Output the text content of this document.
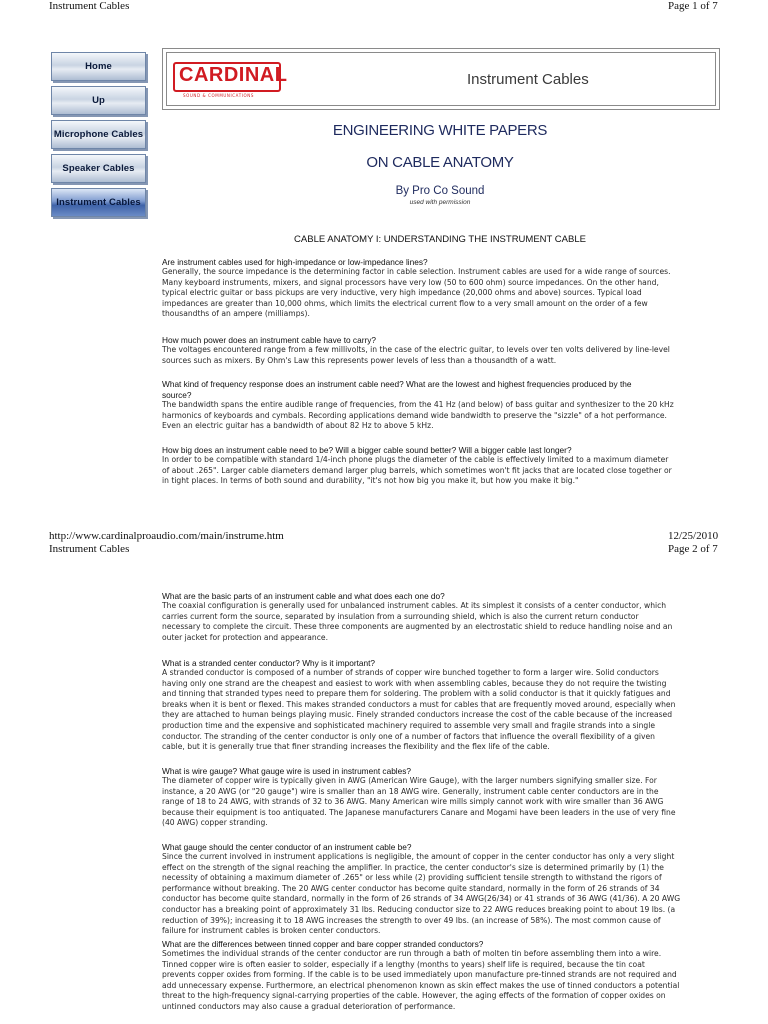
Instrument Cables	Page 1 of 7
Home
Up
Microphone Cables
Speaker Cables
Instrument Cables
CARDINAL
SOUND & COMMUNICATIONS
Instrument Cables
ENGINEERING WHITE PAPERS
ON CABLE ANATOMY
By Pro Co Sound
used with permission
CABLE ANATOMY I: UNDERSTANDING THE INSTRUMENT CABLE
Are instrument cables used for high-impedance or low-impedance lines?
Generally, the source impedance is the determining factor in cable selection. Instrument cables are used for a wide range of sources.
Many keyboard instruments, mixers, and signal processors have very low (50 to 600 ohm) source impedances. On the other hand,
typical electric guitar or bass pickups are very inductive, very high impedance (20,000 ohms and above) sources. Typical load
impedances are greater than 10,000 ohms, which limits the electrical current flow to a very small amount on the order of a few
thousandths of an ampere (milliamps).
How much power does an instrument cable have to carry?
The voltages encountered range from a few millivolts, in the case of the electric guitar, to levels over ten volts delivered by line-level
sources such as mixers. By Ohm's Law this represents power levels of less than a thousandth of a watt.
What kind of frequency response does an instrument cable need? What are the lowest and highest frequencies produced by the
source?
The bandwidth spans the entire audible range of frequencies, from the 41 Hz (and below) of bass guitar and synthesizer to the 20 kHz
harmonics of keyboards and cymbals. Recording applications demand wide bandwidth to preserve the "sizzle" of a hot performance.
Even an electric guitar has a bandwidth of about 82 Hz to above 5 kHz.
How big does an instrument cable need to be? Will a bigger cable sound better? Will a bigger cable last longer?
In order to be compatible with standard 1/4-inch phone plugs the diameter of the cable is effectively limited to a maximum diameter
of about .265". Larger cable diameters demand larger plug barrels, which sometimes won't fit jacks that are located close together or
in tight places. In terms of both sound and durability, "it's not how big you make it, but how you make it big."
http://www.cardinalproaudio.com/main/instrume.htm	12/25/2010
Instrument Cables	Page 2 of 7
What are the basic parts of an instrument cable and what does each one do?
The coaxial configuration is generally used for unbalanced instrument cables. At its simplest it consists of a center conductor, which
carries current form the source, separated by insulation from a surrounding shield, which is also the current return conductor
necessary to complete the circuit. These three components are augmented by an electrostatic shield to reduce handling noise and an
outer jacket for protection and appearance.
What is a stranded center conductor? Why is it important?
A stranded conductor is composed of a number of strands of copper wire bunched together to form a larger wire. Solid conductors
having only one strand are the cheapest and easiest to work with when assembling cables, because they do not require the twisting
and tinning that stranded types need to prepare them for soldering. The problem with a solid conductor is that it quickly fatigues and
breaks when it is bent or flexed. This makes stranded conductors a must for cables that are frequently moved around, especially when
they are attached to human beings playing music. Finely stranded conductors increase the cost of the cable because of the increased
production time and the expensive and sophisticated machinery required to assemble very small and fragile strands into a single
conductor. The stranding of the center conductor is only one of a number of factors that influence the overall flexibility of a given
cable, but it is generally true that finer stranding increases the flexibility and the flex life of the cable.
What is wire gauge? What gauge wire is used in instrument cables?
The diameter of copper wire is typically given in AWG (American Wire Gauge), with the larger numbers signifying smaller size. For
instance, a 20 AWG (or "20 gauge") wire is smaller than an 18 AWG wire. Generally, instrument cable center conductors are in the
range of 18 to 24 AWG, with strands of 32 to 36 AWG. Many American wire mills simply cannot work with wire smaller than 36 AWG
because their equipment is too antiquated. The Japanese manufacturers Canare and Mogami have been leaders in the use of very fine
(40 AWG) copper stranding.
What gauge should the center conductor of an instrument cable be?
Since the current involved in instrument applications is negligible, the amount of copper in the center conductor has only a very slight
effect on the strength of the signal reaching the amplifier. In practice, the center conductor's size is determined primarily by (1) the
necessity of obtaining a maximum diameter of .265" or less while (2) providing sufficient tensile strength to withstand the rigors of
performance without breaking. The 20 AWG center conductor has become quite standard, normally in the form of 26 strands of 34
conductor has become quite standard, normally in the form of 26 strands of 34 AWG(26/34) or 41 strands of 36 AWG (41/36). A 20 AWG
conductor has a breaking point of approximately 31 lbs. Reducing conductor size to 22 AWG reduces breaking point to about 19 lbs. (a
reduction of 39%); increasing it to 18 AWG increases the strength to over 49 lbs. (an increase of 58%). The most common cause of
failure for instrument cables is broken center conductors.
What are the differences between tinned copper and bare copper stranded conductors?
Sometimes the individual strands of the center conductor are run through a bath of molten tin before assembling them into a wire.
Tinned copper wire is often easier to solder, especially if a lengthy (months to years) shelf life is required, because the tin coat
prevents copper oxides from forming. If the cable is to be used immediately upon manufacture pre-tinned strands are not required and
add unnecessary expense. Furthermore, an electrical phenomenon known as skin effect makes the use of tinned conductors a potential
threat to the high-frequency signal-carrying properties of the cable. However, the aging effects of the formation of copper oxides on
untinned conductors may also cause a gradual deterioration of performance.
